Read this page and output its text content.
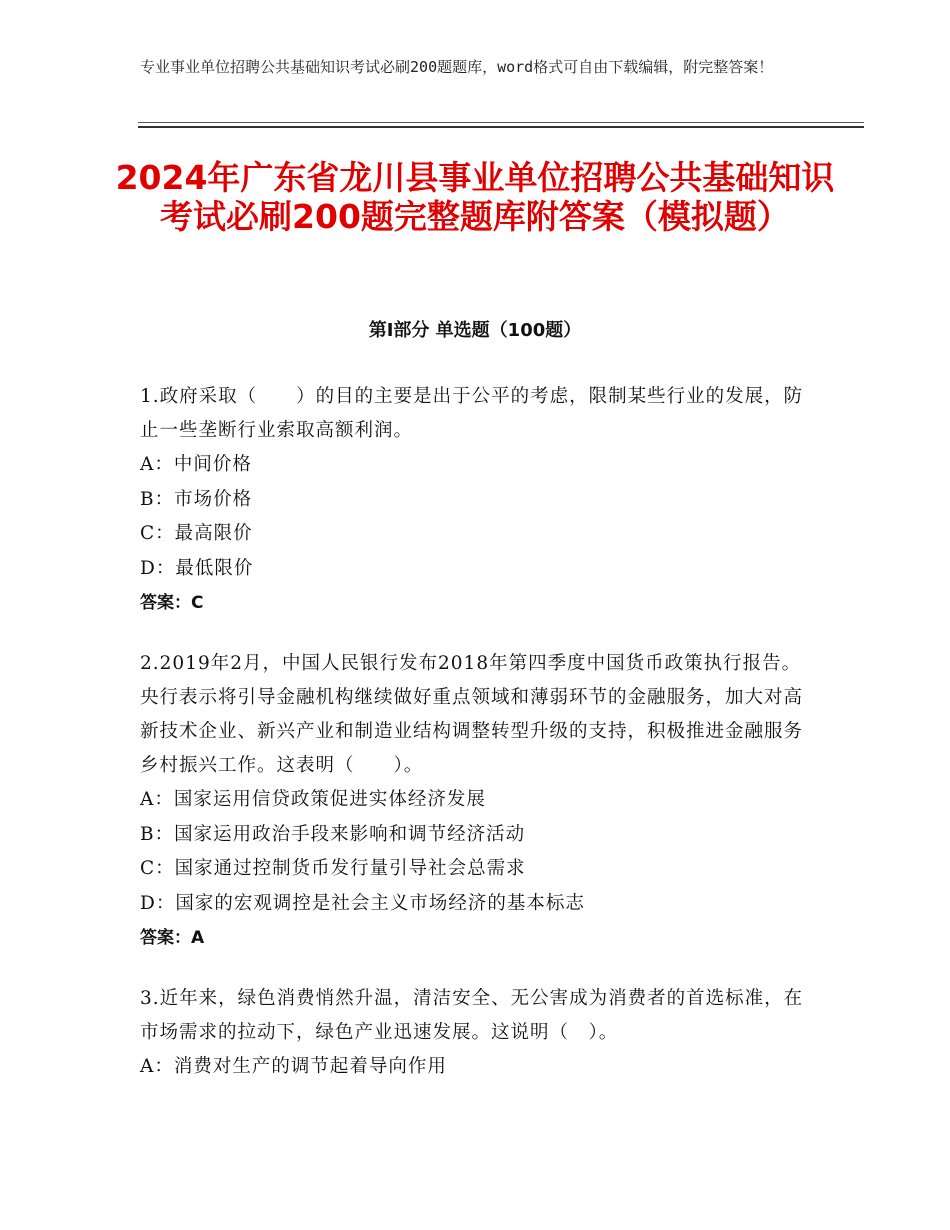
专业事业单位招聘公共基础知识考试必刷200题题库，word格式可自由下载编辑，附完整答案！
2024年广东省龙川县事业单位招聘公共基础知识考试必刷200题完整题库附答案（模拟题）
第Ⅰ部分 单选题（100题）
1.政府采取（　　）的目的主要是出于公平的考虑，限制某些行业的发展，防止一些垄断行业索取高额利润。
A：中间价格
B：市场价格
C：最高限价
D：最低限价
答案：C
2.2019年2月，中国人民银行发布2018年第四季度中国货币政策执行报告。央行表示将引导金融机构继续做好重点领域和薄弱环节的金融服务，加大对高新技术企业、新兴产业和制造业结构调整转型升级的支持，积极推进金融服务乡村振兴工作。这表明（　　）。
A：国家运用信贷政策促进实体经济发展
B：国家运用政治手段来影响和调节经济活动
C：国家通过控制货币发行量引导社会总需求
D：国家的宏观调控是社会主义市场经济的基本标志
答案：A
3.近年来，绿色消费悄然升温，清洁安全、无公害成为消费者的首选标准，在市场需求的拉动下，绿色产业迅速发展。这说明（　）。
A：消费对生产的调节起着导向作用
